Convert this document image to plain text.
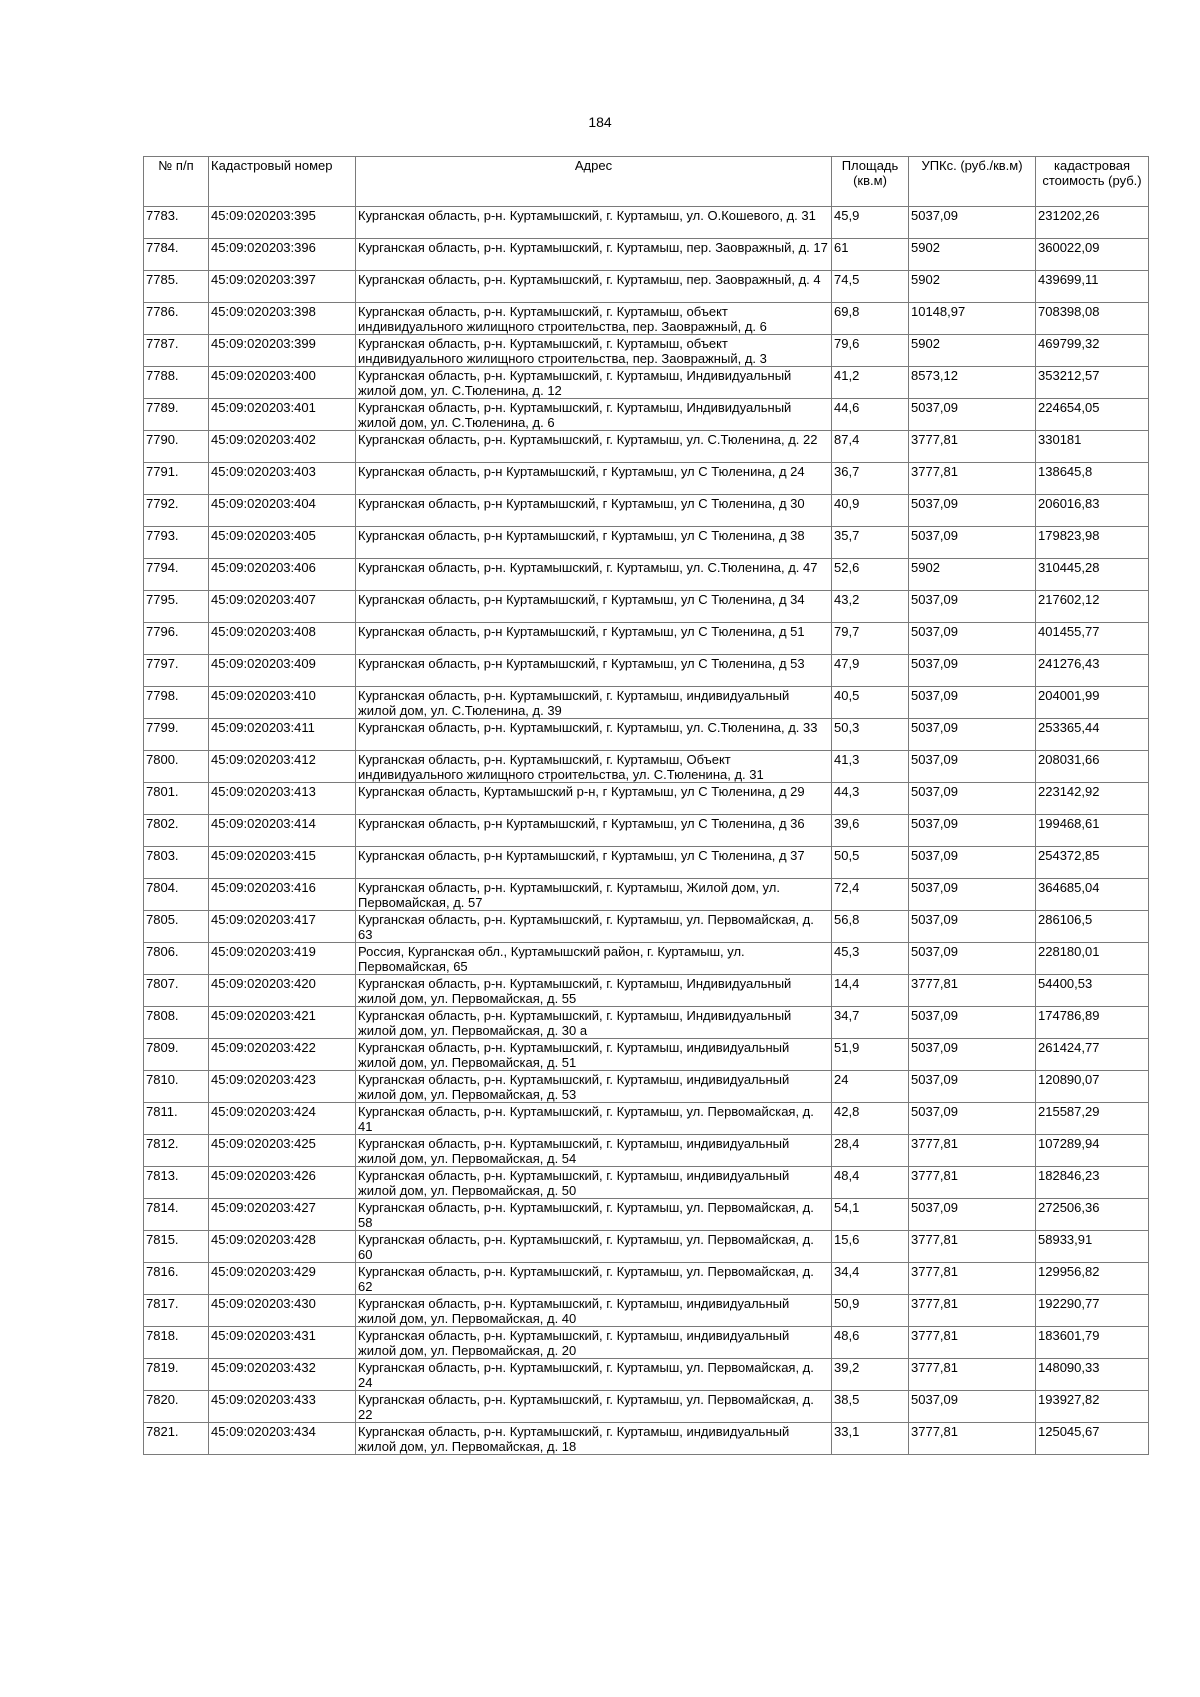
184
№ п/п	Кадастровый номер	Адрес	Площадь (кв.м)	УПКс. (руб./кв.м)	кадастровая стоимость (руб.)
7783.	45:09:020203:395	Курганская область, р-н. Куртамышский, г. Куртамыш, ул. О.Кошевого, д. 31	45,9	5037,09	231202,26
7784.	45:09:020203:396	Курганская область, р-н. Куртамышский, г. Куртамыш, пер. Заовражный, д. 17	61	5902	360022,09
7785.	45:09:020203:397	Курганская область, р-н. Куртамышский, г. Куртамыш, пер. Заовражный, д. 4	74,5	5902	439699,11
7786.	45:09:020203:398	Курганская область, р-н. Куртамышский, г. Куртамыш, объект индивидуального жилищного строительства, пер. Заовражный, д. 6	69,8	10148,97	708398,08
7787.	45:09:020203:399	Курганская область, р-н. Куртамышский, г. Куртамыш, объект индивидуального жилищного строительства, пер. Заовражный, д. 3	79,6	5902	469799,32
7788.	45:09:020203:400	Курганская область, р-н. Куртамышский, г. Куртамыш, Индивидуальный жилой дом, ул. С.Тюленина, д. 12	41,2	8573,12	353212,57
7789.	45:09:020203:401	Курганская область, р-н. Куртамышский, г. Куртамыш, Индивидуальный жилой дом, ул. С.Тюленина, д. 6	44,6	5037,09	224654,05
7790.	45:09:020203:402	Курганская область, р-н. Куртамышский, г. Куртамыш, ул. С.Тюленина, д. 22	87,4	3777,81	330181
7791.	45:09:020203:403	Курганская область, р-н Куртамышский, г Куртамыш, ул С Тюленина, д 24	36,7	3777,81	138645,8
7792.	45:09:020203:404	Курганская область, р-н Куртамышский, г Куртамыш, ул С Тюленина, д 30	40,9	5037,09	206016,83
7793.	45:09:020203:405	Курганская область, р-н Куртамышский, г Куртамыш, ул С Тюленина, д 38	35,7	5037,09	179823,98
7794.	45:09:020203:406	Курганская область, р-н. Куртамышский, г. Куртамыш, ул. С.Тюленина, д. 47	52,6	5902	310445,28
7795.	45:09:020203:407	Курганская область, р-н Куртамышский, г Куртамыш, ул С Тюленина, д 34	43,2	5037,09	217602,12
7796.	45:09:020203:408	Курганская область, р-н Куртамышский, г Куртамыш, ул С Тюленина, д 51	79,7	5037,09	401455,77
7797.	45:09:020203:409	Курганская область, р-н Куртамышский, г Куртамыш, ул С Тюленина, д 53	47,9	5037,09	241276,43
7798.	45:09:020203:410	Курганская область, р-н. Куртамышский, г. Куртамыш, индивидуальный жилой дом, ул. С.Тюленина, д. 39	40,5	5037,09	204001,99
7799.	45:09:020203:411	Курганская область, р-н. Куртамышский, г. Куртамыш, ул. С.Тюленина, д. 33	50,3	5037,09	253365,44
7800.	45:09:020203:412	Курганская область, р-н. Куртамышский, г. Куртамыш, Объект индивидуального жилищного строительства, ул. С.Тюленина, д. 31	41,3	5037,09	208031,66
7801.	45:09:020203:413	Курганская область, Куртамышский р-н, г Куртамыш, ул С Тюленина, д 29	44,3	5037,09	223142,92
7802.	45:09:020203:414	Курганская область, р-н Куртамышский, г Куртамыш, ул С Тюленина, д 36	39,6	5037,09	199468,61
7803.	45:09:020203:415	Курганская область, р-н Куртамышский, г Куртамыш, ул С Тюленина, д 37	50,5	5037,09	254372,85
7804.	45:09:020203:416	Курганская область, р-н. Куртамышский, г. Куртамыш, Жилой дом, ул. Первомайская, д. 57	72,4	5037,09	364685,04
7805.	45:09:020203:417	Курганская область, р-н. Куртамышский, г. Куртамыш, ул. Первомайская, д. 63	56,8	5037,09	286106,5
7806.	45:09:020203:419	Россия, Курганская обл., Куртамышский район, г. Куртамыш, ул. Первомайская, 65	45,3	5037,09	228180,01
7807.	45:09:020203:420	Курганская область, р-н. Куртамышский, г. Куртамыш, Индивидуальный жилой дом, ул. Первомайская, д. 55	14,4	3777,81	54400,53
7808.	45:09:020203:421	Курганская область, р-н. Куртамышский, г. Куртамыш, Индивидуальный жилой дом, ул. Первомайская, д. 30 а	34,7	5037,09	174786,89
7809.	45:09:020203:422	Курганская область, р-н. Куртамышский, г. Куртамыш, индивидуальный жилой дом, ул. Первомайская, д. 51	51,9	5037,09	261424,77
7810.	45:09:020203:423	Курганская область, р-н. Куртамышский, г. Куртамыш, индивидуальный жилой дом, ул. Первомайская, д. 53	24	5037,09	120890,07
7811.	45:09:020203:424	Курганская область, р-н. Куртамышский, г. Куртамыш, ул. Первомайская, д. 41	42,8	5037,09	215587,29
7812.	45:09:020203:425	Курганская область, р-н. Куртамышский, г. Куртамыш, индивидуальный жилой дом, ул. Первомайская, д. 54	28,4	3777,81	107289,94
7813.	45:09:020203:426	Курганская область, р-н. Куртамышский, г. Куртамыш, индивидуальный жилой дом, ул. Первомайская, д. 50	48,4	3777,81	182846,23
7814.	45:09:020203:427	Курганская область, р-н. Куртамышский, г. Куртамыш, ул. Первомайская, д. 58	54,1	5037,09	272506,36
7815.	45:09:020203:428	Курганская область, р-н. Куртамышский, г. Куртамыш, ул. Первомайская, д. 60	15,6	3777,81	58933,91
7816.	45:09:020203:429	Курганская область, р-н. Куртамышский, г. Куртамыш, ул. Первомайская, д. 62	34,4	3777,81	129956,82
7817.	45:09:020203:430	Курганская область, р-н. Куртамышский, г. Куртамыш, индивидуальный жилой дом, ул. Первомайская, д. 40	50,9	3777,81	192290,77
7818.	45:09:020203:431	Курганская область, р-н. Куртамышский, г. Куртамыш, индивидуальный жилой дом, ул. Первомайская, д. 20	48,6	3777,81	183601,79
7819.	45:09:020203:432	Курганская область, р-н. Куртамышский, г. Куртамыш, ул. Первомайская, д. 24	39,2	3777,81	148090,33
7820.	45:09:020203:433	Курганская область, р-н. Куртамышский, г. Куртамыш, ул. Первомайская, д. 22	38,5	5037,09	193927,82
7821.	45:09:020203:434	Курганская область, р-н. Куртамышский, г. Куртамыш, индивидуальный жилой дом, ул. Первомайская, д. 18	33,1	3777,81	125045,67
